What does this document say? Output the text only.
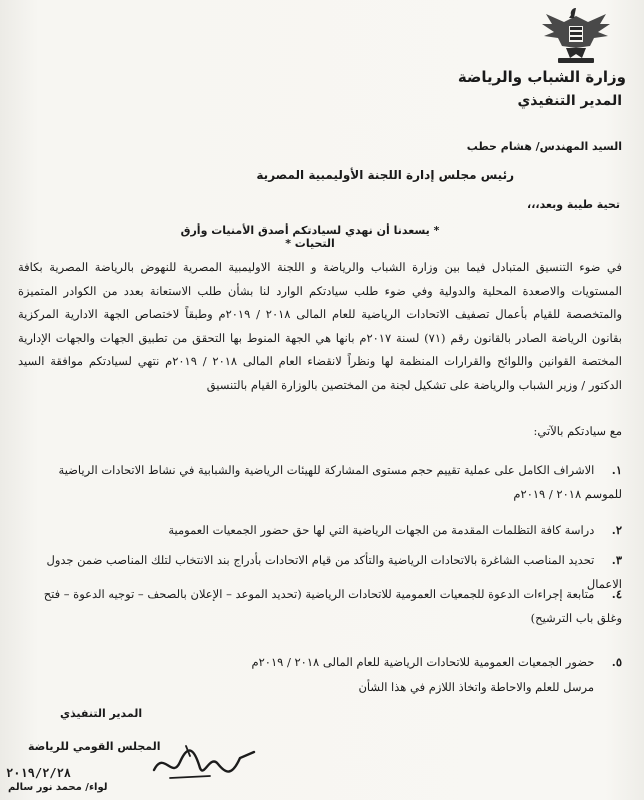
وزارة الشباب والرياضة
المدير التنفيذي
السيد المهندس/ هشام حطب
رئيس مجلس إدارة اللجنة الأوليمبية المصرية
تحية طيبة وبعد،،،
* يسعدنا أن نهدي لسيادتكم أصدق الأمنيات وأرق التحيات *
في ضوء التنسيق المتبادل فيما بين وزارة الشباب والرياضة و اللجنة الاوليمبية المصرية للنهوض بالرياضة المصرية بكافة المستويات والاصعدة المحلية والدولية وفي ضوء طلب سيادتكم الوارد لنا بشأن طلب الاستعانة بعدد من الكوادر المتميزة والمتخصصة للقيام بأعمال تصفيف الاتحادات الرياضية للعام المالى ٢٠١٨ / ٢٠١٩م وطبقاً لاختصاص الجهة الادارية المركزية بقانون الرياضة الصادر بالقانون رقم (٧١) لسنة ٢٠١٧م بانها هي الجهة المنوط بها التحقق من تطبيق الجهات والجهات الإدارية المختصة القوانين واللوائح والقرارات المنظمة لها ونظراً لانقضاء العام المالى ٢٠١٨ / ٢٠١٩م نتهي لسيادتكم موافقة السيد الدكتور / وزير الشباب والرياضة على تشكيل لجنة من المختصين بالوزارة القيام بالتنسيق
مع سيادتكم بالآتي:
١. الاشراف الكامل على عملية تقييم حجم مستوى المشاركة للهيئات الرياضية والشبابية في نشاط الاتحادات الرياضية للموسم ٢٠١٨ / ٢٠١٩م
٢. دراسة كافة التظلمات المقدمة من الجهات الرياضية التي لها حق حضور الجمعيات العمومية
٣. تحديد المناصب الشاغرة بالاتحادات الرياضية والتأكد من قيام الاتحادات بأدراج بند الانتخاب لتلك المناصب ضمن جدول الاعمال
٤. متابعة إجراءات الدعوة للجمعيات العمومية للاتحادات الرياضية (تحديد الموعد – الإعلان بالصحف – توجيه الدعوة – فتح وغلق باب الترشيح)
٥. حضور الجمعيات العمومية للاتحادات الرياضية للعام المالى ٢٠١٨ / ٢٠١٩م
مرسل للعلم والاحاطة واتخاذ اللازم في هذا الشأن
المدير التنفيذي
المجلس القومي للرياضة
٢٠١٩/٢/٢٨
لواء/ محمد نور سالم
